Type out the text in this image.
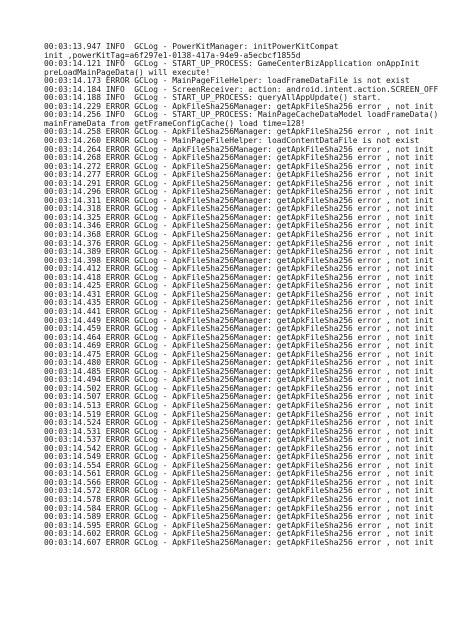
00:03:13.947 INFO  GCLog - PowerKitManager: initPowerKitCompat
init ,powerKitTag=a6f297e1-0138-417a-94e9-a5ecbcf1855d
00:03:14.121 INFO  GCLog - START_UP_PROCESS: GameCenterBizApplication onAppInit
preLoadMainPageData() will execute!
00:03:14.173 ERROR GCLog - MainPageFileHelper: loadFrameDataFile is not exist
00:03:14.184 INFO  GCLog - ScreenReceiver: action: android.intent.action.SCREEN_OFF
00:03:14.188 INFO  GCLog - START_UP_PROCESS: queryAllAppUpdate() start.
00:03:14.229 ERROR GCLog - ApkFileSha256Manager: getApkFileSha256 error , not init
00:03:14.256 INFO  GCLog - START_UP_PROCESS: MainPageCacheDataModel loadFrameData()
mainFrameData from getFrameConfigCache() load time=128!
00:03:14.258 ERROR GCLog - ApkFileSha256Manager: getApkFileSha256 error , not init
00:03:14.260 ERROR GCLog - MainPageFileHelper: loadContentDataFile is not exist
00:03:14.264 ERROR GCLog - ApkFileSha256Manager: getApkFileSha256 error , not init
00:03:14.268 ERROR GCLog - ApkFileSha256Manager: getApkFileSha256 error , not init
00:03:14.272 ERROR GCLog - ApkFileSha256Manager: getApkFileSha256 error , not init
00:03:14.277 ERROR GCLog - ApkFileSha256Manager: getApkFileSha256 error , not init
00:03:14.291 ERROR GCLog - ApkFileSha256Manager: getApkFileSha256 error , not init
00:03:14.296 ERROR GCLog - ApkFileSha256Manager: getApkFileSha256 error , not init
00:03:14.311 ERROR GCLog - ApkFileSha256Manager: getApkFileSha256 error , not init
00:03:14.318 ERROR GCLog - ApkFileSha256Manager: getApkFileSha256 error , not init
00:03:14.325 ERROR GCLog - ApkFileSha256Manager: getApkFileSha256 error , not init
00:03:14.346 ERROR GCLog - ApkFileSha256Manager: getApkFileSha256 error , not init
00:03:14.368 ERROR GCLog - ApkFileSha256Manager: getApkFileSha256 error , not init
00:03:14.376 ERROR GCLog - ApkFileSha256Manager: getApkFileSha256 error , not init
00:03:14.389 ERROR GCLog - ApkFileSha256Manager: getApkFileSha256 error , not init
00:03:14.398 ERROR GCLog - ApkFileSha256Manager: getApkFileSha256 error , not init
00:03:14.412 ERROR GCLog - ApkFileSha256Manager: getApkFileSha256 error , not init
00:03:14.418 ERROR GCLog - ApkFileSha256Manager: getApkFileSha256 error , not init
00:03:14.425 ERROR GCLog - ApkFileSha256Manager: getApkFileSha256 error , not init
00:03:14.431 ERROR GCLog - ApkFileSha256Manager: getApkFileSha256 error , not init
00:03:14.435 ERROR GCLog - ApkFileSha256Manager: getApkFileSha256 error , not init
00:03:14.441 ERROR GCLog - ApkFileSha256Manager: getApkFileSha256 error , not init
00:03:14.449 ERROR GCLog - ApkFileSha256Manager: getApkFileSha256 error , not init
00:03:14.459 ERROR GCLog - ApkFileSha256Manager: getApkFileSha256 error , not init
00:03:14.464 ERROR GCLog - ApkFileSha256Manager: getApkFileSha256 error , not init
00:03:14.469 ERROR GCLog - ApkFileSha256Manager: getApkFileSha256 error , not init
00:03:14.475 ERROR GCLog - ApkFileSha256Manager: getApkFileSha256 error , not init
00:03:14.480 ERROR GCLog - ApkFileSha256Manager: getApkFileSha256 error , not init
00:03:14.485 ERROR GCLog - ApkFileSha256Manager: getApkFileSha256 error , not init
00:03:14.494 ERROR GCLog - ApkFileSha256Manager: getApkFileSha256 error , not init
00:03:14.502 ERROR GCLog - ApkFileSha256Manager: getApkFileSha256 error , not init
00:03:14.507 ERROR GCLog - ApkFileSha256Manager: getApkFileSha256 error , not init
00:03:14.513 ERROR GCLog - ApkFileSha256Manager: getApkFileSha256 error , not init
00:03:14.519 ERROR GCLog - ApkFileSha256Manager: getApkFileSha256 error , not init
00:03:14.524 ERROR GCLog - ApkFileSha256Manager: getApkFileSha256 error , not init
00:03:14.531 ERROR GCLog - ApkFileSha256Manager: getApkFileSha256 error , not init
00:03:14.537 ERROR GCLog - ApkFileSha256Manager: getApkFileSha256 error , not init
00:03:14.542 ERROR GCLog - ApkFileSha256Manager: getApkFileSha256 error , not init
00:03:14.549 ERROR GCLog - ApkFileSha256Manager: getApkFileSha256 error , not init
00:03:14.554 ERROR GCLog - ApkFileSha256Manager: getApkFileSha256 error , not init
00:03:14.561 ERROR GCLog - ApkFileSha256Manager: getApkFileSha256 error , not init
00:03:14.566 ERROR GCLog - ApkFileSha256Manager: getApkFileSha256 error , not init
00:03:14.572 ERROR GCLog - ApkFileSha256Manager: getApkFileSha256 error , not init
00:03:14.578 ERROR GCLog - ApkFileSha256Manager: getApkFileSha256 error , not init
00:03:14.584 ERROR GCLog - ApkFileSha256Manager: getApkFileSha256 error , not init
00:03:14.589 ERROR GCLog - ApkFileSha256Manager: getApkFileSha256 error , not init
00:03:14.595 ERROR GCLog - ApkFileSha256Manager: getApkFileSha256 error , not init
00:03:14.602 ERROR GCLog - ApkFileSha256Manager: getApkFileSha256 error , not init
00:03:14.607 ERROR GCLog - ApkFileSha256Manager: getApkFileSha256 error , not init
